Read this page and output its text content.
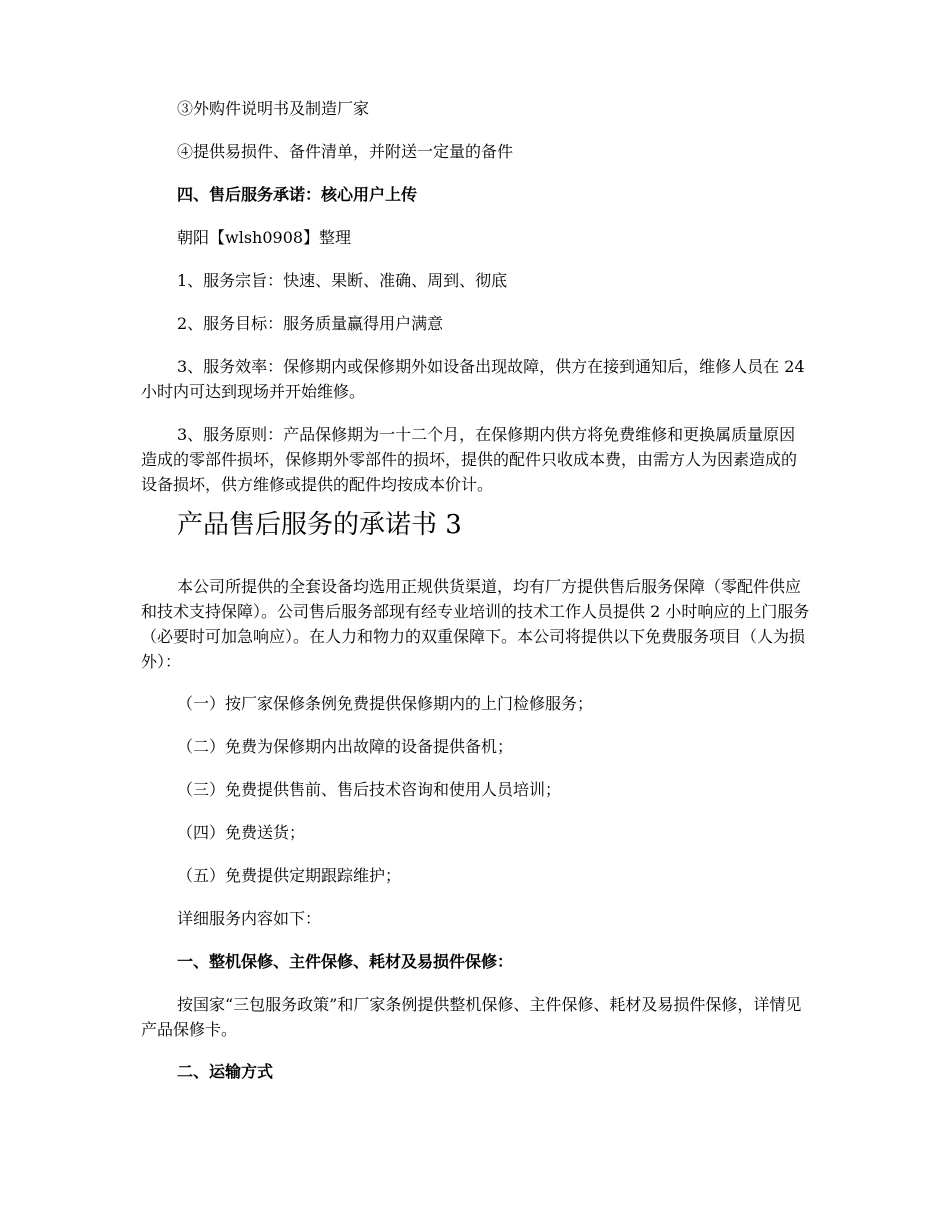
③外购件说明书及制造厂家

④提供易损件、备件清单，并附送一定量的备件

四、售后服务承诺：核心用户上传

朝阳【wlsh0908】整理

1、服务宗旨：快速、果断、准确、周到、彻底

2、服务目标：服务质量赢得用户满意

3、服务效率：保修期内或保修期外如设备出现故障，供方在接到通知后，维修人员在 24 小时内可达到现场并开始维修。

3、服务原则：产品保修期为一十二个月，在保修期内供方将免费维修和更换属质量原因造成的零部件损坏，保修期外零部件的损坏，提供的配件只收成本费，由需方人为因素造成的设备损坏，供方维修或提供的配件均按成本价计。

产品售后服务的承诺书 3

本公司所提供的全套设备均选用正规供货渠道，均有厂方提供售后服务保障（零配件供应和技术支持保障）。公司售后服务部现有经专业培训的技术工作人员提供 2 小时响应的上门服务（必要时可加急响应）。在人力和物力的双重保障下。本公司将提供以下免费服务项目（人为损外）：

（一）按厂家保修条例免费提供保修期内的上门检修服务；

（二）免费为保修期内出故障的设备提供备机；

（三）免费提供售前、售后技术咨询和使用人员培训；

（四）免费送货；

（五）免费提供定期跟踪维护；

详细服务内容如下：

一、整机保修、主件保修、耗材及易损件保修：

按国家“三包服务政策”和厂家条例提供整机保修、主件保修、耗材及易损件保修，详情见产品保修卡。

二、运输方式
